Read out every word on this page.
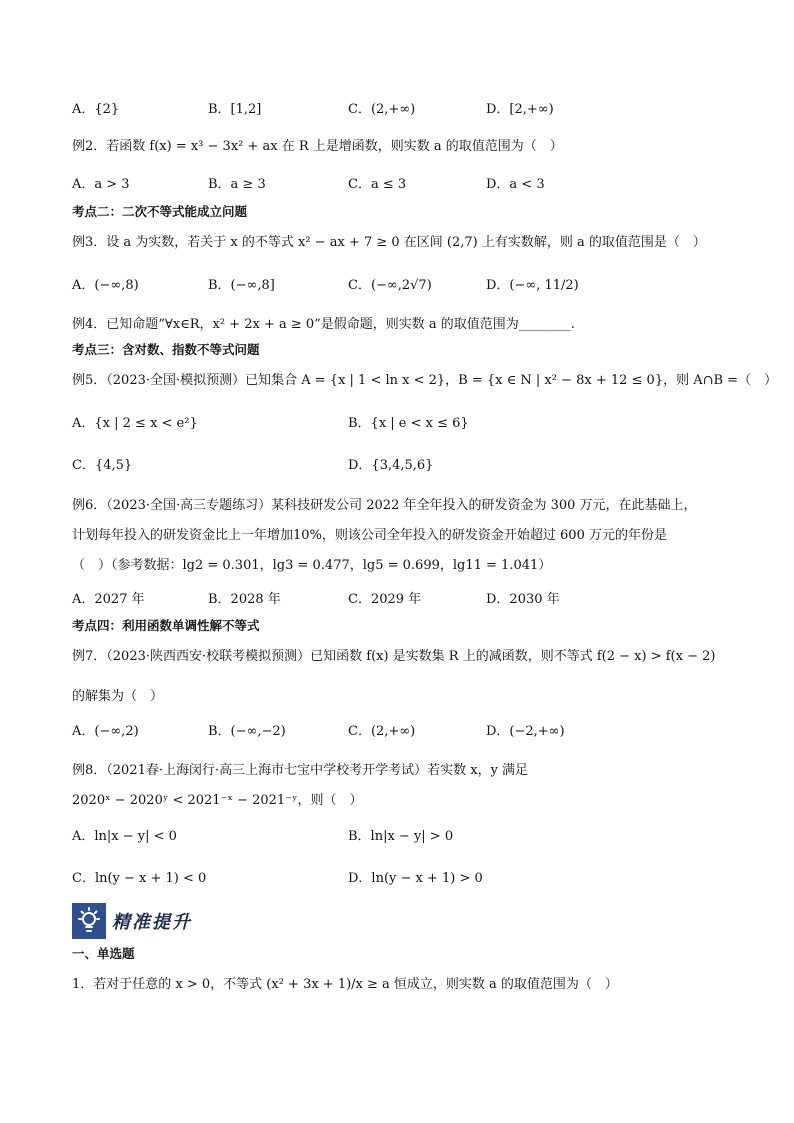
A．{2}	B．[1,2]	C．(2,+∞)	D．[2,+∞)
例2．若函数 f(x) = x³ − 3x² + ax 在 R 上是增函数，则实数 a 的取值范围为（　）
A．a > 3	B．a ≥ 3	C．a ≤ 3	D．a < 3
考点二：二次不等式能成立问题
例3．设 a 为实数，若关于 x 的不等式 x² − ax + 7 ≥ 0 在区间 (2,7) 上有实数解，则 a 的取值范围是（　）
A．(−∞,8)	B．(−∞,8]	C．(−∞,2√7)	D．(−∞, 11/2)
例4．已知命题“∀x∈R，x² + 2x + a ≥ 0”是假命题，则实数 a 的取值范围为________.
考点三：含对数、指数不等式问题
例5．（2023·全国·模拟预测）已知集合 A = {x | 1 < ln x < 2}，B = {x ∈ N | x² − 8x + 12 ≤ 0}，则 A∩B =（　）
A．{x | 2 ≤ x < e²}	B．{x | e < x ≤ 6}
C．{4,5}	D．{3,4,5,6}
例6．（2023·全国·高三专题练习）某科技研发公司 2022 年全年投入的研发资金为 300 万元，在此基础上，
计划每年投入的研发资金比上一年增加10%，则该公司全年投入的研发资金开始超过 600 万元的年份是
（　）（参考数据：lg2 = 0.301，lg3 = 0.477，lg5 = 0.699，lg11 = 1.041）
A．2027 年	B．2028 年	C．2029 年	D．2030 年
考点四：利用函数单调性解不等式
例7．（2023·陕西西安·校联考模拟预测）已知函数 f(x) 是实数集 R 上的减函数，则不等式 f(2 − x) > f(x − 2)
的解集为（　）
A．(−∞,2)	B．(−∞,−2)	C．(2,+∞)	D．(−2,+∞)
例8．（2021春·上海闵行·高三上海市七宝中学校考开学考试）若实数 x，y 满足
2020ˣ − 2020ʸ < 2021⁻ˣ − 2021⁻ʸ，则（　）
A．ln|x − y| < 0	B．ln|x − y| > 0
C．ln(y − x + 1) < 0	D．ln(y − x + 1) > 0
精准提升
一、单选题
1．若对于任意的 x > 0，不等式 (x² + 3x + 1)/x ≥ a 恒成立，则实数 a 的取值范围为（　）
